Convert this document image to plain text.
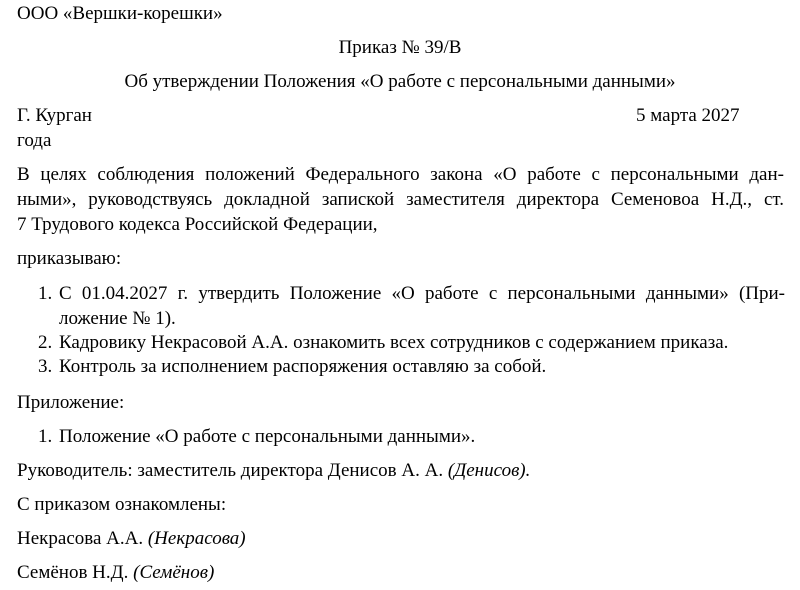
ООО «Вершки-корешки»
Приказ № 39/В
Об утверждении Положения «О работе с персональными данными»
Г. Курган	5 марта 2027
года
В целях соблюдения положений Федерального закона «О работе с персональными дан-
ными», руководствуясь докладной запиской заместителя директора Семеновоа Н.Д., ст.
7 Трудового кодекса Российской Федерации,
приказываю:
1. С 01.04.2027 г. утвердить Положение «О работе с персональными данными» (При-
ложение № 1).
2. Кадровику Некрасовой А.А. ознакомить всех сотрудников с содержанием приказа.
3. Контроль за исполнением распоряжения оставляю за собой.
Приложение:
1. Положение «О работе с персональными данными».
Руководитель: заместитель директора Денисов А. А. (Денисов).
С приказом ознакомлены:
Некрасова А.А. (Некрасова)
Семёнов Н.Д. (Семёнов)
